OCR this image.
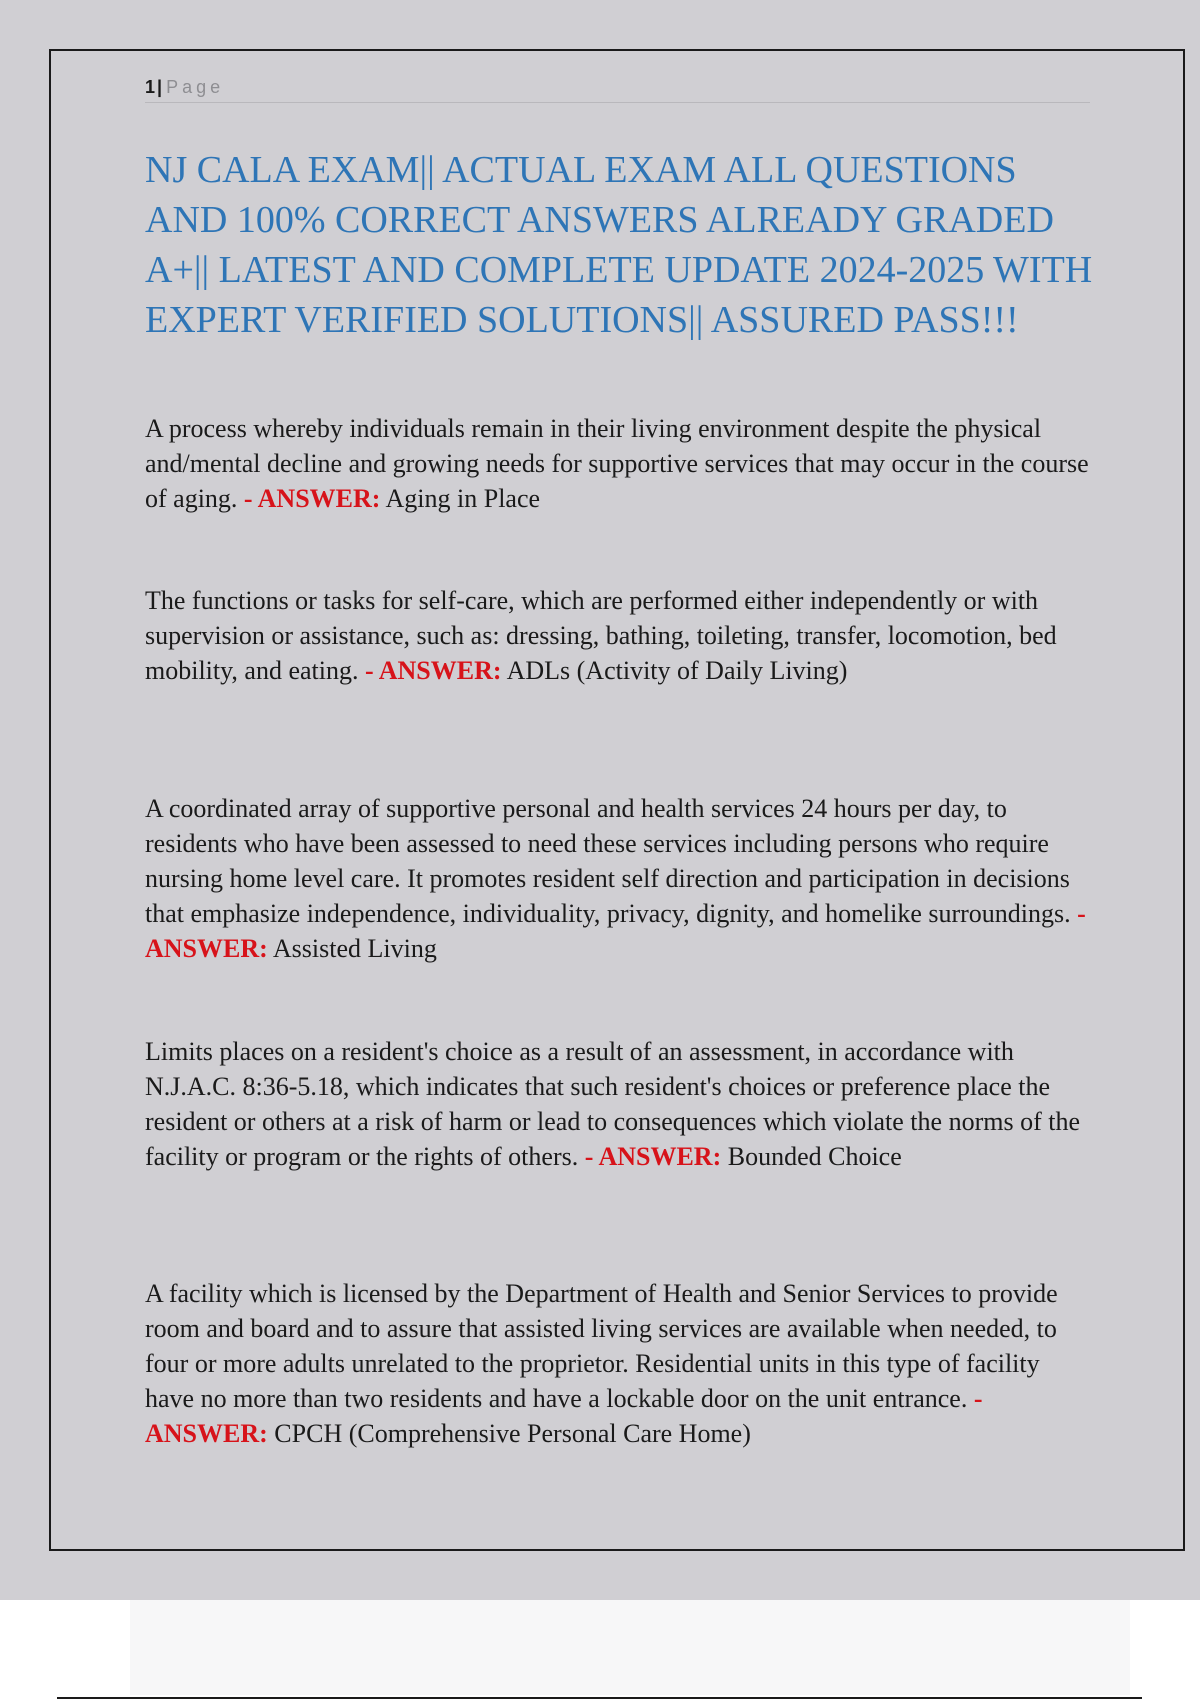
1 | Page
NJ CALA EXAM|| ACTUAL EXAM ALL QUESTIONS AND 100% CORRECT ANSWERS ALREADY GRADED A+|| LATEST AND COMPLETE UPDATE 2024-2025 WITH EXPERT VERIFIED SOLUTIONS|| ASSURED PASS!!!

A process whereby individuals remain in their living environment despite the physical and/mental decline and growing needs for supportive services that may occur in the course of aging. - ANSWER: Aging in Place

The functions or tasks for self-care, which are performed either independently or with supervision or assistance, such as: dressing, bathing, toileting, transfer, locomotion, bed mobility, and eating. - ANSWER: ADLs (Activity of Daily Living)

A coordinated array of supportive personal and health services 24 hours per day, to residents who have been assessed to need these services including persons who require nursing home level care. It promotes resident self direction and participation in decisions that emphasize independence, individuality, privacy, dignity, and homelike surroundings. - ANSWER: Assisted Living

Limits places on a resident's choice as a result of an assessment, in accordance with N.J.A.C. 8:36-5.18, which indicates that such resident's choices or preference place the resident or others at a risk of harm or lead to consequences which violate the norms of the facility or program or the rights of others. - ANSWER: Bounded Choice

A facility which is licensed by the Department of Health and Senior Services to provide room and board and to assure that assisted living services are available when needed, to four or more adults unrelated to the proprietor. Residential units in this type of facility have no more than two residents and have a lockable door on the unit entrance. - ANSWER: CPCH (Comprehensive Personal Care Home)
